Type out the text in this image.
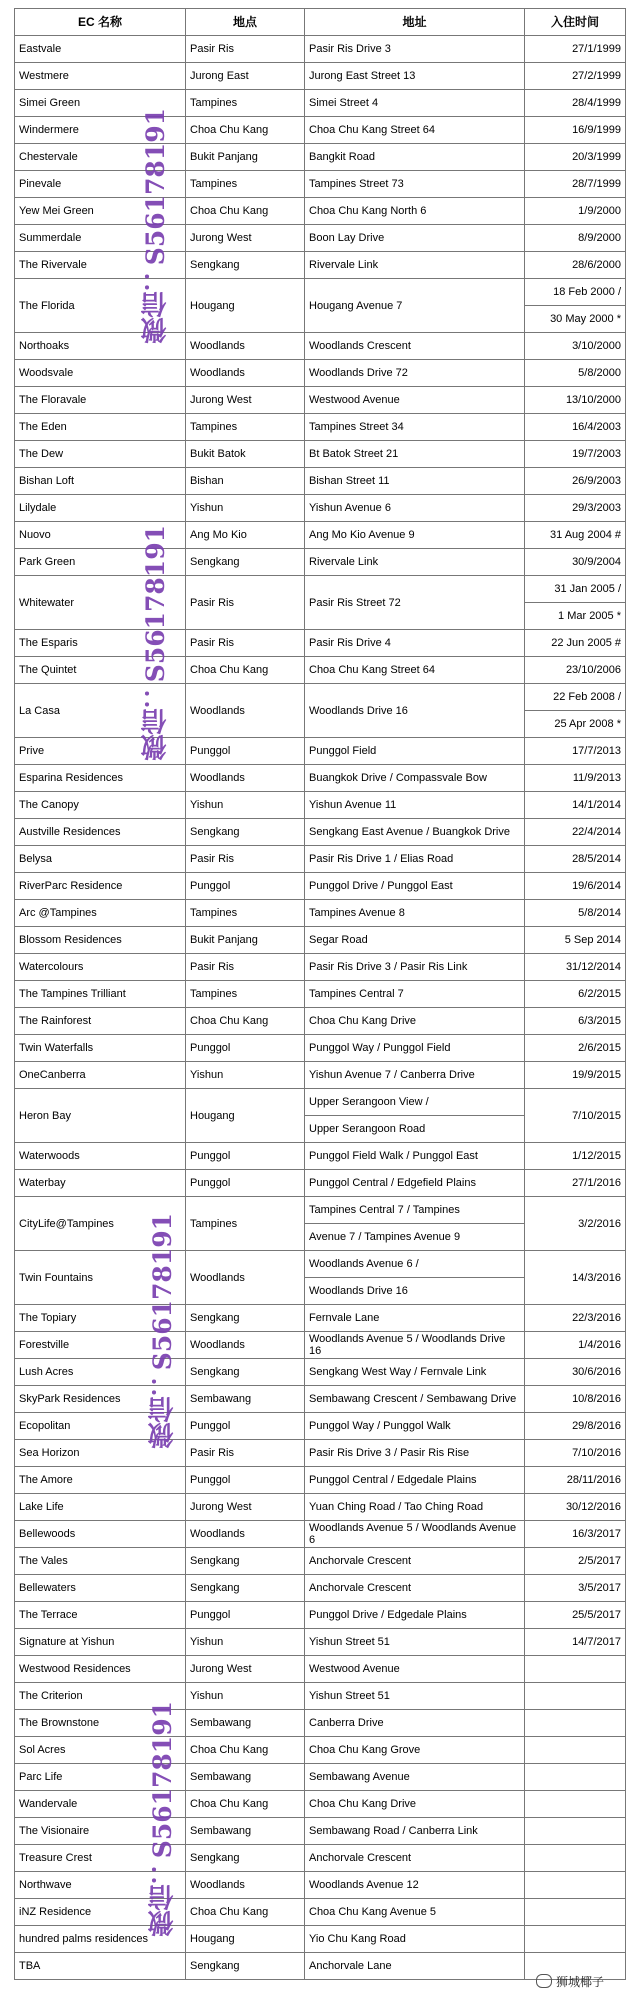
EC 名称	地点	地址	入住时间
Eastvale	Pasir Ris	Pasir Ris Drive 3	27/1/1999
Westmere	Jurong East	Jurong East Street 13	27/2/1999
Simei Green	Tampines	Simei Street 4	28/4/1999
Windermere	Choa Chu Kang	Choa Chu Kang Street 64	16/9/1999
Chestervale	Bukit Panjang	Bangkit Road	20/3/1999
Pinevale	Tampines	Tampines Street 73	28/7/1999
Yew Mei Green	Choa Chu Kang	Choa Chu Kang North 6	1/9/2000
Summerdale	Jurong West	Boon Lay Drive	8/9/2000
The Rivervale	Sengkang	Rivervale Link	28/6/2000
The Florida	Hougang	Hougang Avenue 7	18 Feb 2000 /
30 May 2000 *

Northoaks	Woodlands	Woodlands Crescent	3/10/2000
Woodsvale	Woodlands	Woodlands Drive 72	5/8/2000
The Floravale	Jurong West	Westwood Avenue	13/10/2000
The Eden	Tampines	Tampines Street 34	16/4/2003
The Dew	Bukit Batok	Bt Batok Street 21	19/7/2003
Bishan Loft	Bishan	Bishan Street 11	26/9/2003
Lilydale	Yishun	Yishun Avenue 6	29/3/2003
Nuovo	Ang Mo Kio	Ang Mo Kio Avenue 9	31 Aug 2004 #
Park Green	Sengkang	Rivervale Link	30/9/2004
Whitewater	Pasir Ris	Pasir Ris Street 72	31 Jan 2005 /
1 Mar 2005 *

The Esparis	Pasir Ris	Pasir Ris Drive 4	22 Jun 2005 #
The Quintet	Choa Chu Kang	Choa Chu Kang Street 64	23/10/2006
La Casa	Woodlands	Woodlands Drive 16	22 Feb 2008 /
25 Apr 2008 *

Prive	Punggol	Punggol Field	17/7/2013
Esparina Residences	Woodlands	Buangkok Drive / Compassvale Bow	11/9/2013
The Canopy	Yishun	Yishun Avenue 11	14/1/2014
Austville Residences	Sengkang	Sengkang East Avenue / Buangkok Drive	22/4/2014
Belysa	Pasir Ris	Pasir Ris Drive 1 / Elias Road	28/5/2014
RiverParc Residence	Punggol	Punggol Drive / Punggol East	19/6/2014
Arc @Tampines	Tampines	Tampines Avenue 8	5/8/2014
Blossom Residences	Bukit Panjang	Segar Road	5 Sep 2014
Watercolours	Pasir Ris	Pasir Ris Drive 3 / Pasir Ris Link	31/12/2014
The Tampines Trilliant	Tampines	Tampines Central 7	6/2/2015
The Rainforest	Choa Chu Kang	Choa Chu Kang Drive	6/3/2015
Twin Waterfalls	Punggol	Punggol Way / Punggol Field	2/6/2015
OneCanberra	Yishun	Yishun Avenue 7 / Canberra Drive	19/9/2015
Heron Bay	Hougang	Upper Serangoon View /
Upper Serangoon Road	7/10/2015
Waterwoods	Punggol	Punggol Field Walk / Punggol East	1/12/2015
Waterbay	Punggol	Punggol Central / Edgefield Plains	27/1/2016
CityLife@Tampines	Tampines	Tampines Central 7 / Tampines
Avenue 7 / Tampines Avenue 9	3/2/2016
Twin Fountains	Woodlands	Woodlands Avenue 6 /
Woodlands Drive 16	14/3/2016
The Topiary	Sengkang	Fernvale Lane	22/3/2016
Forestville	Woodlands	Woodlands Avenue 5 / Woodlands Drive 16	1/4/2016
Lush Acres	Sengkang	Sengkang West Way / Fernvale Link	30/6/2016
SkyPark Residences	Sembawang	Sembawang Crescent / Sembawang Drive	10/8/2016
Ecopolitan	Punggol	Punggol Way / Punggol Walk	29/8/2016
Sea Horizon	Pasir Ris	Pasir Ris Drive 3 / Pasir Ris Rise	7/10/2016
The Amore	Punggol	Punggol Central / Edgedale Plains	28/11/2016
Lake Life	Jurong West	Yuan Ching Road / Tao Ching Road	30/12/2016
Bellewoods	Woodlands	Woodlands Avenue 5 / Woodlands Avenue 6	16/3/2017
The Vales	Sengkang	Anchorvale Crescent	2/5/2017
Bellewaters	Sengkang	Anchorvale Crescent	3/5/2017
The Terrace	Punggol	Punggol Drive / Edgedale Plains	25/5/2017
Signature at Yishun	Yishun	Yishun Street 51	14/7/2017
Westwood Residences	Jurong West	Westwood Avenue	
The Criterion	Yishun	Yishun Street 51	
The Brownstone	Sembawang	Canberra Drive	
Sol Acres	Choa Chu Kang	Choa Chu Kang Grove	
Parc Life	Sembawang	Sembawang Avenue	
Wandervale	Choa Chu Kang	Choa Chu Kang Drive	
The Visionaire	Sembawang	Sembawang Road / Canberra Link	
Treasure Crest	Sengkang	Anchorvale Crescent	
Northwave	Woodlands	Woodlands Avenue 12	
iNZ Residence	Choa Chu Kang	Choa Chu Kang Avenue 5	
hundred palms residences	Hougang	Yio Chu Kang Road	
TBA	Sengkang	Anchorvale Lane	
微信：S56178191
微信：S56178191
微信：S56178191
微信：S56178191
狮城椰子
